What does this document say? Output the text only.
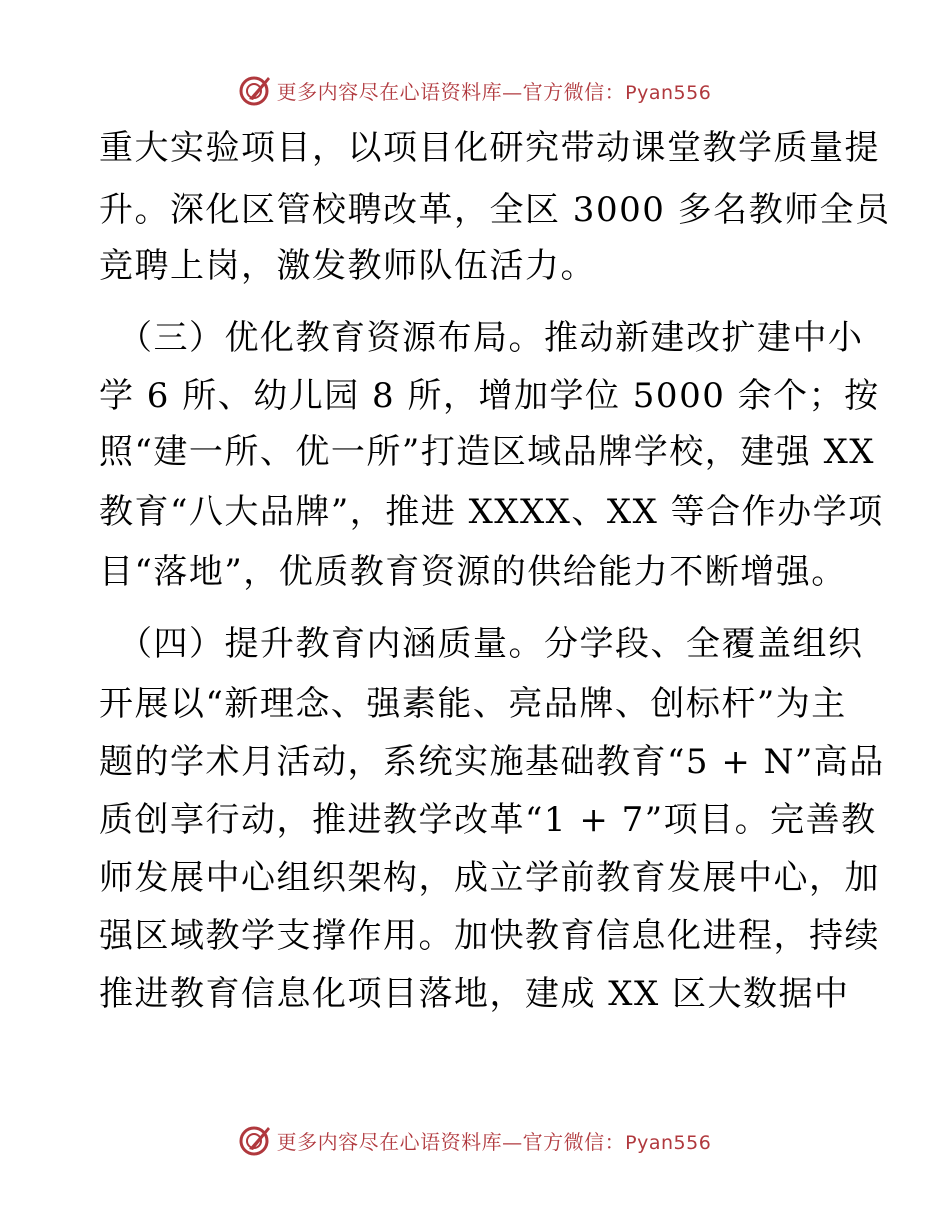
更多内容尽在心语资料库—官方微信：Pyan556
重大实验项目，以项目化研究带动课堂教学质量提
升。深化区管校聘改革，全区 3000 多名教师全员
竞聘上岗，激发教师队伍活力。
（三）优化教育资源布局。推动新建改扩建中小
学 6 所、幼儿园 8 所，增加学位 5000 余个；按
照“建一所、优一所”打造区域品牌学校，建强 XX
教育“八大品牌”，推进 XXXX、XX 等合作办学项
目“落地”，优质教育资源的供给能力不断增强。
（四）提升教育内涵质量。分学段、全覆盖组织
开展以“新理念、强素能、亮品牌、创标杆”为主
题的学术月活动，系统实施基础教育“5 + N”高品
质创享行动，推进教学改革“1 + 7”项目。完善教
师发展中心组织架构，成立学前教育发展中心，加
强区域教学支撑作用。加快教育信息化进程，持续
推进教育信息化项目落地，建成 XX 区大数据中
更多内容尽在心语资料库—官方微信：Pyan556
